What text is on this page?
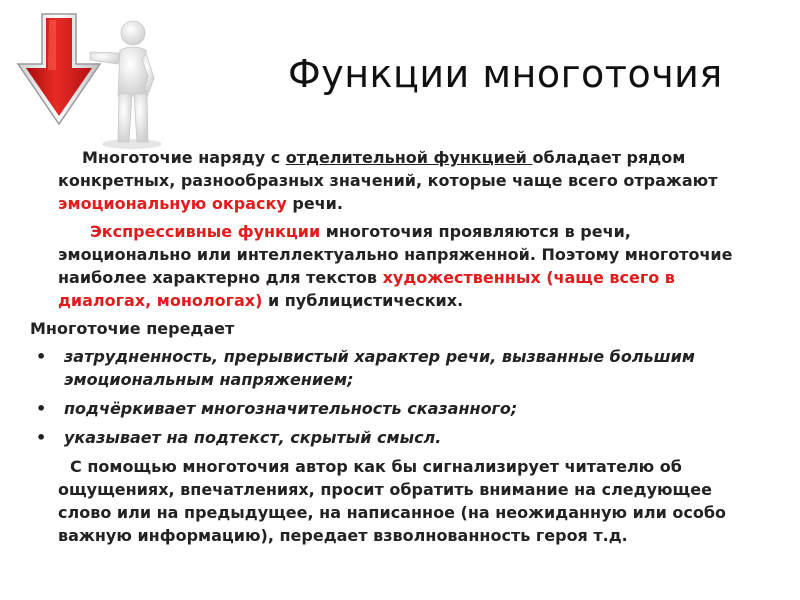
Функции многоточия

Многоточие наряду с отделительной функцией обладает рядом конкретных, разнообразных значений, которые чаще всего отражают эмоциональную окраску речи.

Экспрессивные функции многоточия проявляются в речи, эмоционально или интеллектуально напряженной. Поэтому многоточие наиболее характерно для текстов художественных (чаще всего в диалогах, монологах) и публицистических.

Многоточие передает

• затрудненность, прерывистый характер речи, вызванные большим эмоциональным напряжением;
• подчёркивает многозначительность сказанного;
• указывает на подтекст, скрытый смысл.

С помощью многоточия автор как бы сигнализирует читателю об ощущениях, впечатлениях, просит обратить внимание на следующее слово или на предыдущее, на написанное (на неожиданную или особо важную информацию), передает взволнованность героя т.д.
